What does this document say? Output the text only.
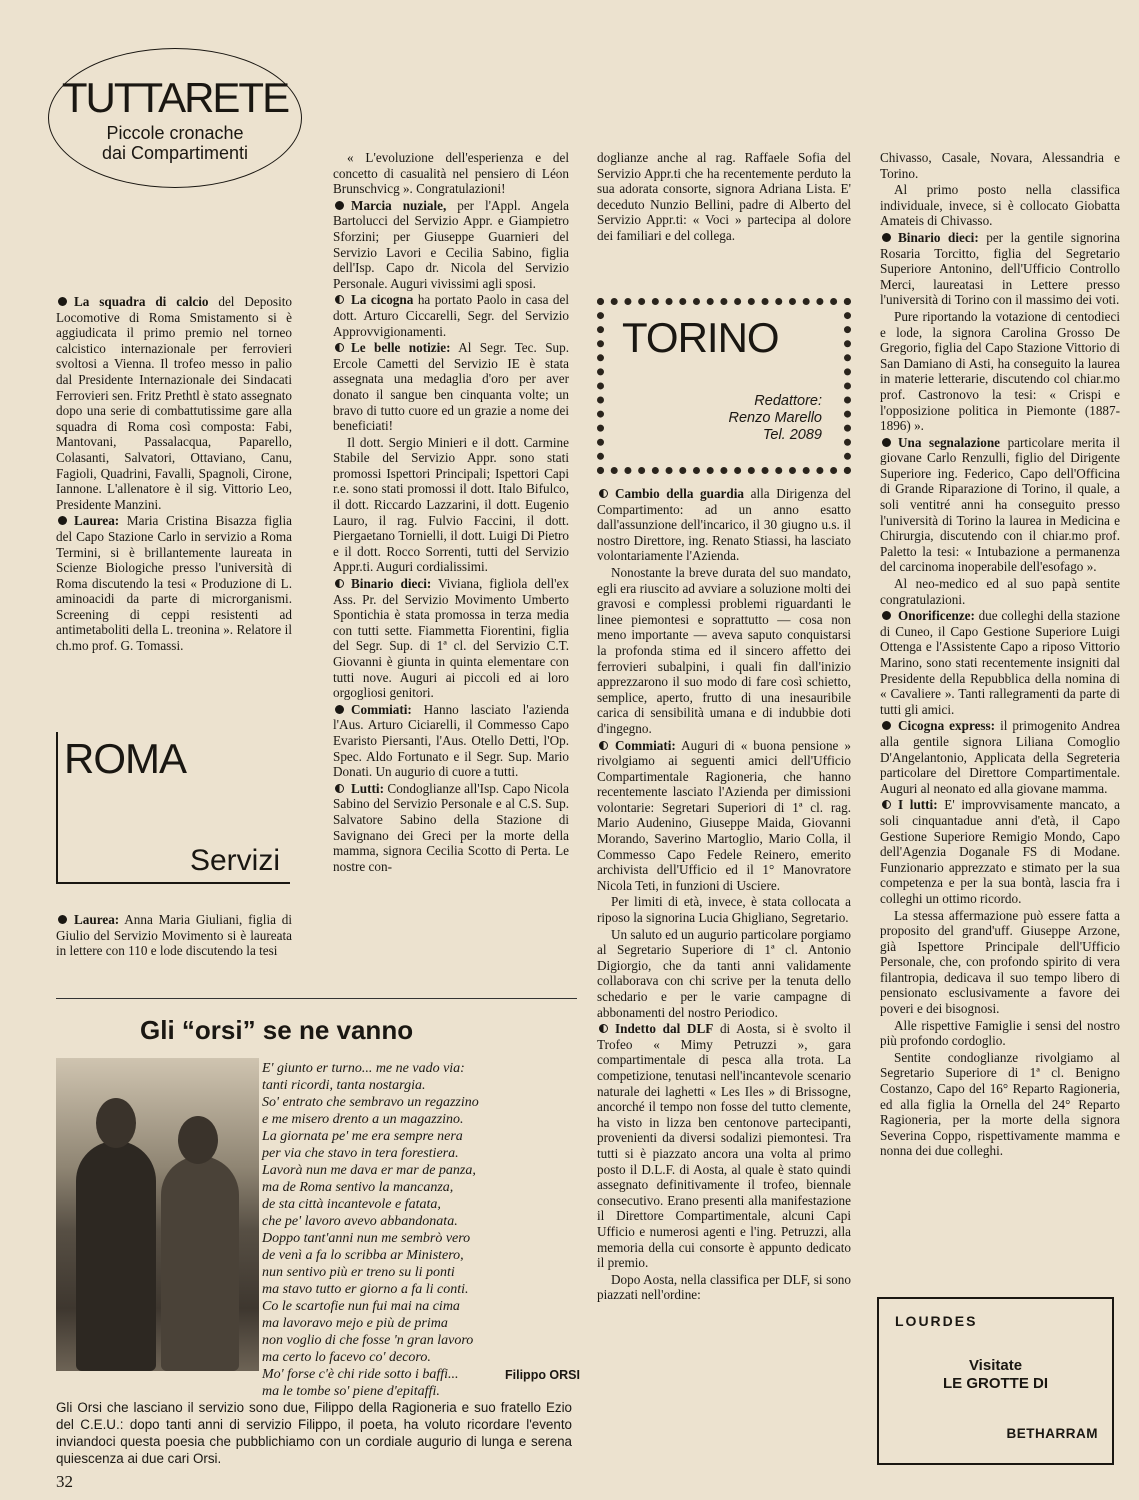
TUTTARETE
Piccole cronache
dai Compartimenti

La squadra di calcio del Deposito Locomotive di Roma Smistamento si è aggiudicata il primo premio nel torneo calcistico internazionale per ferrovieri svoltosi a Vienna. Il trofeo messo in palio dal Presidente Internazionale dei Sindacati Ferrovieri sen. Fritz Prethtl è stato assegnato dopo una serie di combattutissime gare alla squadra di Roma così composta: Fabi, Mantovani, Passalacqua, Paparello, Colasanti, Salvatori, Ottaviano, Canu, Fagioli, Quadrini, Favalli, Spagnoli, Cirone, Iannone. L'allenatore è il sig. Vittorio Leo, Presidente Manzini.

Laurea: Maria Cristina Bisazza figlia del Capo Stazione Carlo in servizio a Roma Termini, si è brillantemente laureata in Scienze Biologiche presso l'università di Roma discutendo la tesi « Produzione di L. aminoacidi da parte di microrganismi. Screening di ceppi resistenti ad antimetaboliti della L. treonina ». Relatore il ch.mo prof. G. Tomassi.

ROMA
Servizi

Laurea: Anna Maria Giuliani, figlia di Giulio del Servizio Movimento si è laureata in lettere con 110 e lode discutendo la tesi

« L'evoluzione dell'esperienza e del concetto di casualità nel pensiero di Léon Brunschvicg ». Congratulazioni!

Marcia nuziale, per l'Appl. Angela Bartolucci del Servizio Appr. e Giampietro Sforzini; per Giuseppe Guarnieri del Servizio Lavori e Cecilia Sabino, figlia dell'Isp. Capo dr. Nicola del Servizio Personale. Auguri vivissimi agli sposi.

La cicogna ha portato Paolo in casa del dott. Arturo Ciccarelli, Segr. del Servizio Approvvigionamenti.

Le belle notizie: Al Segr. Tec. Sup. Ercole Cametti del Servizio IE è stata assegnata una medaglia d'oro per aver donato il sangue ben cinquanta volte; un bravo di tutto cuore ed un grazie a nome dei beneficiati!

Il dott. Sergio Minieri e il dott. Carmine Stabile del Servizio Appr. sono stati promossi Ispettori Principali; Ispettori Capi r.e. sono stati promossi il dott. Italo Bifulco, il dott. Riccardo Lazzarini, il dott. Eugenio Lauro, il rag. Fulvio Faccini, il dott. Piergaetano Tornielli, il dott. Luigi Di Pietro e il dott. Rocco Sorrenti, tutti del Servizio Appr.ti. Auguri cordialissimi.

Binario dieci: Viviana, figliola dell'ex Ass. Pr. del Servizio Movimento Umberto Spontichia è stata promossa in terza media con tutti sette. Fiammetta Fiorentini, figlia del Segr. Sup. di 1ª cl. del Servizio C.T. Giovanni è giunta in quinta elementare con tutti nove. Auguri ai piccoli ed ai loro orgogliosi genitori.

Commiati: Hanno lasciato l'azienda l'Aus. Arturo Ciciarelli, il Commesso Capo Evaristo Piersanti, l'Aus. Otello Detti, l'Op. Spec. Aldo Fortunato e il Segr. Sup. Mario Donati. Un augurio di cuore a tutti.

Lutti: Condoglianze all'Isp. Capo Nicola Sabino del Servizio Personale e al C.S. Sup. Salvatore Sabino della Stazione di Savignano dei Greci per la morte della mamma, signora Cecilia Scotto di Perta. Le nostre con-

doglianze anche al rag. Raffaele Sofia del Servizio Appr.ti che ha recentemente perduto la sua adorata consorte, signora Adriana Lista. E' deceduto Nunzio Bellini, padre di Alberto del Servizio Appr.ti: « Voci » partecipa al dolore dei familiari e del collega.

TORINO
Redattore:
Renzo Marello
Tel. 2089

Cambio della guardia alla Dirigenza del Compartimento: ad un anno esatto dall'assunzione dell'incarico, il 30 giugno u.s. il nostro Direttore, ing. Renato Stiassi, ha lasciato volontariamente l'Azienda.

Nonostante la breve durata del suo mandato, egli era riuscito ad avviare a soluzione molti dei gravosi e complessi problemi riguardanti le linee piemontesi e soprattutto — cosa non meno importante — aveva saputo conquistarsi la profonda stima ed il sincero affetto dei ferrovieri subalpini, i quali fin dall'inizio apprezzarono il suo modo di fare così schietto, semplice, aperto, frutto di una inesauribile carica di sensibilità umana e di indubbie doti d'ingegno.

Commiati: Auguri di « buona pensione » rivolgiamo ai seguenti amici dell'Ufficio Compartimentale Ragioneria, che hanno recentemente lasciato l'Azienda per dimissioni volontarie: Segretari Superiori di 1ª cl. rag. Mario Audenino, Giuseppe Maida, Giovanni Morando, Saverino Martoglio, Mario Colla, il Commesso Capo Fedele Reinero, emerito archivista dell'Ufficio ed il 1° Manovratore Nicola Teti, in funzioni di Usciere.

Per limiti di età, invece, è stata collocata a riposo la signorina Lucia Ghigliano, Segretario.

Un saluto ed un augurio particolare porgiamo al Segretario Superiore di 1ª cl. Antonio Digiorgio, che da tanti anni validamente collaborava con chi scrive per la tenuta dello schedario e per le varie campagne di abbonamenti del nostro Periodico.

Indetto dal DLF di Aosta, si è svolto il Trofeo « Mimy Petruzzi », gara compartimentale di pesca alla trota. La competizione, tenutasi nell'incantevole scenario naturale dei laghetti « Les Iles » di Brissogne, ancorché il tempo non fosse del tutto clemente, ha visto in lizza ben centonove partecipanti, provenienti da diversi sodalizi piemontesi. Tra tutti si è piazzato ancora una volta al primo posto il D.L.F. di Aosta, al quale è stato quindi assegnato definitivamente il trofeo, biennale consecutivo. Erano presenti alla manifestazione il Direttore Compartimentale, alcuni Capi Ufficio e numerosi agenti e l'ing. Petruzzi, alla memoria della cui consorte è appunto dedicato il premio.

Dopo Aosta, nella classifica per DLF, si sono piazzati nell'ordine:

Chivasso, Casale, Novara, Alessandria e Torino.

Al primo posto nella classifica individuale, invece, si è collocato Giobatta Amateis di Chivasso.

Binario dieci: per la gentile signorina Rosaria Torcitto, figlia del Segretario Superiore Antonino, dell'Ufficio Controllo Merci, laureatasi in Lettere presso l'università di Torino con il massimo dei voti.

Pure riportando la votazione di centodieci e lode, la signora Carolina Grosso De Gregorio, figlia del Capo Stazione Vittorio di San Damiano di Asti, ha conseguito la laurea in materie letterarie, discutendo col chiar.mo prof. Castronovo la tesi: « Crispi e l'opposizione politica in Piemonte (1887-1896) ».

Una segnalazione particolare merita il giovane Carlo Renzulli, figlio del Dirigente Superiore ing. Federico, Capo dell'Officina di Grande Riparazione di Torino, il quale, a soli ventitré anni ha conseguito presso l'università di Torino la laurea in Medicina e Chirurgia, discutendo con il chiar.mo prof. Paletto la tesi: « Intubazione a permanenza del carcinoma inoperabile dell'esofago ».

Al neo-medico ed al suo papà sentite congratulazioni.

Onorificenze: due colleghi della stazione di Cuneo, il Capo Gestione Superiore Luigi Ottenga e l'Assistente Capo a riposo Vittorio Marino, sono stati recentemente insigniti dal Presidente della Repubblica della nomina di « Cavaliere ». Tanti rallegramenti da parte di tutti gli amici.

Cicogna express: il primogenito Andrea alla gentile signora Liliana Comoglio D'Angelantonio, Applicata della Segreteria particolare del Direttore Compartimentale. Auguri al neonato ed alla giovane mamma.

I lutti: E' improvvisamente mancato, a soli cinquantadue anni d'età, il Capo Gestione Superiore Remigio Mondo, Capo dell'Agenzia Doganale FS di Modane. Funzionario apprezzato e stimato per la sua competenza e per la sua bontà, lascia fra i colleghi un ottimo ricordo.

La stessa affermazione può essere fatta a proposito del grand'uff. Giuseppe Arzone, già Ispettore Principale dell'Ufficio Personale, che, con profondo spirito di vera filantropia, dedicava il suo tempo libero di pensionato esclusivamente a favore dei poveri e dei bisognosi.

Alle rispettive Famiglie i sensi del nostro più profondo cordoglio.

Sentite condoglianze rivolgiamo al Segretario Superiore di 1ª cl. Benigno Costanzo, Capo del 16° Reparto Ragioneria, ed alla figlia la Ornella del 24° Reparto Ragioneria, per la morte della signora Severina Coppo, rispettivamente mamma e nonna dei due colleghi.

Gli “orsi” se ne vanno
E' giunto er turno... me ne vado via:
tanti ricordi, tanta nostargia.
So' entrato che sembravo un regazzino
e me misero drento a un magazzino.
La giornata pe' me era sempre nera
per via che stavo in tera forestiera.
Lavorà nun me dava er mar de panza,
ma de Roma sentivo la mancanza,
de sta città incantevole e fatata,
che pe' lavoro avevo abbandonata.
Doppo tant'anni nun me sembrò vero
de venì a fa lo scribba ar Ministero,
nun sentivo più er treno su li ponti
ma stavo tutto er giorno a fa li conti.
Co le scartofie nun fui mai na cima
ma lavoravo mejo e più de prima
non voglio di che fosse 'n gran lavoro
ma certo lo facevo co' decoro.
Mo' forse c'è chi ride sotto i baffi...
ma le tombe so' piene d'epitaffi.
Filippo ORSI
Gli Orsi che lasciano il servizio sono due, Filippo della Ragioneria e suo fratello Ezio del C.E.U.: dopo tanti anni di servizio Filippo, il poeta, ha voluto ricordare l'evento inviandoci questa poesia che pubblichiamo con un cordiale augurio di lunga e serena quiescenza ai due cari Orsi.
LOURDES
Visitate
LE GROTTE DI
BETHARRAM
32
